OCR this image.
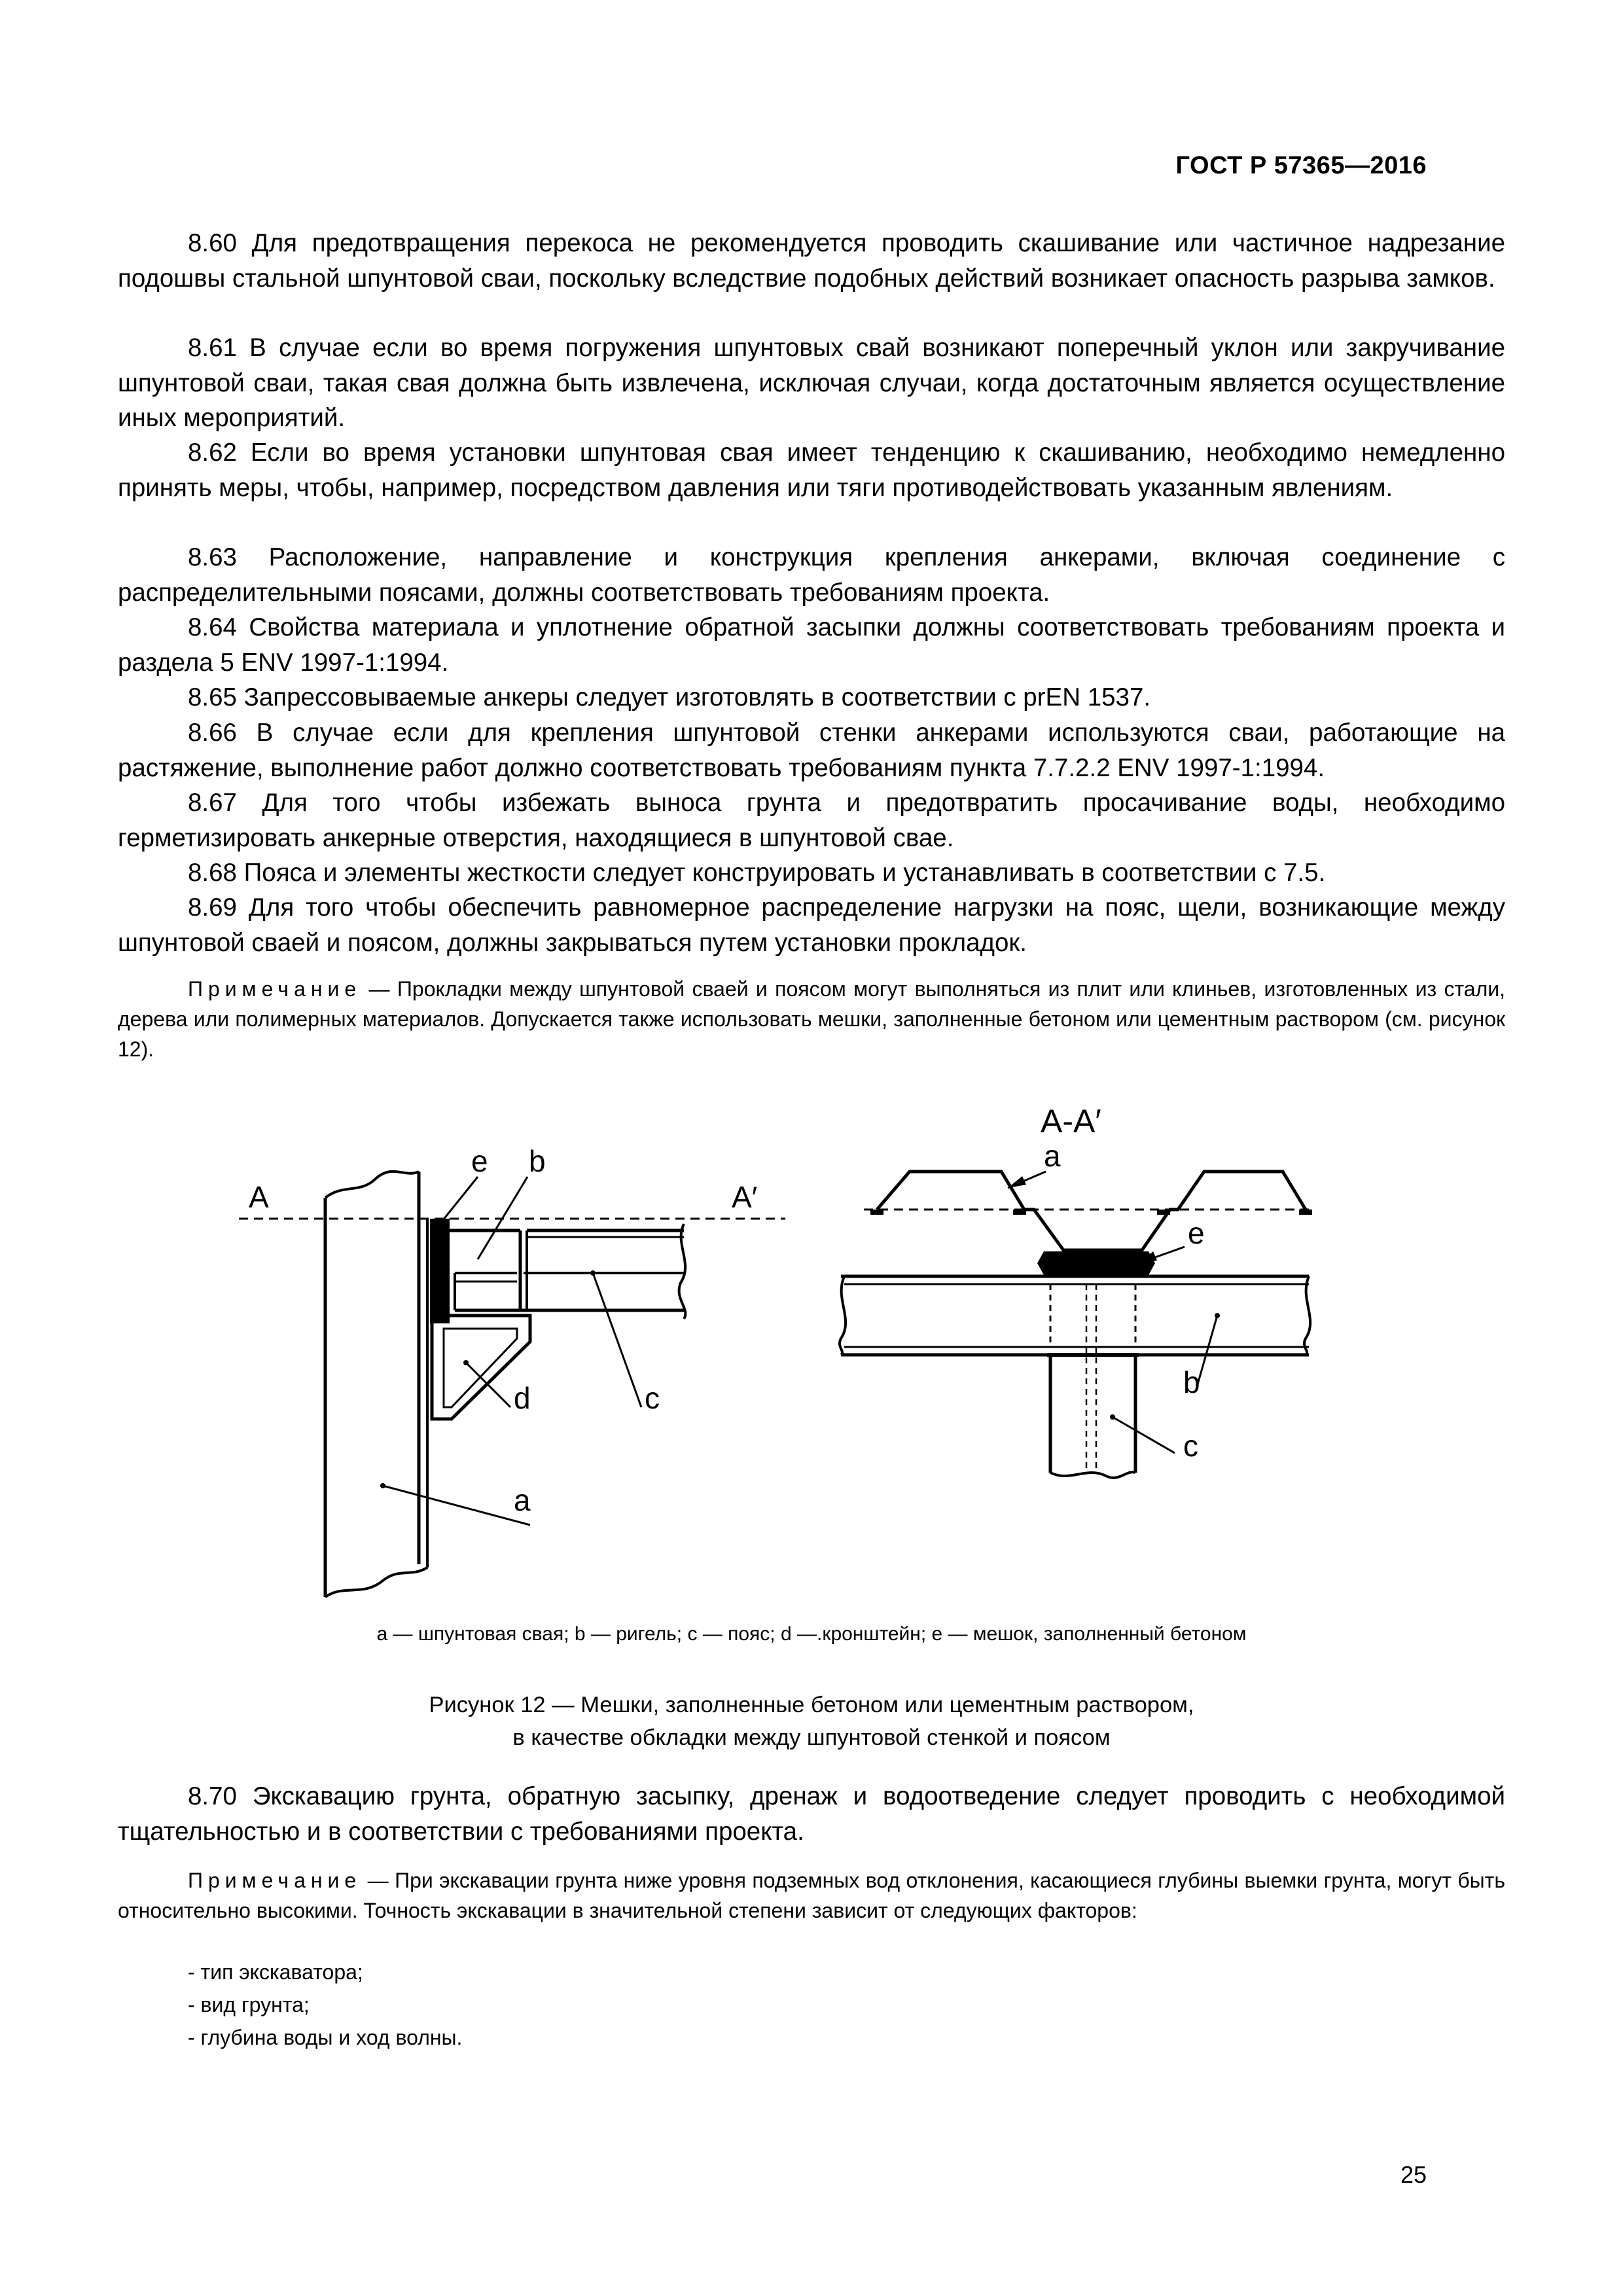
ГОСТ Р 57365—2016

8.60 Для предотвращения перекоса не рекомендуется проводить скашивание или частичное надрезание подошвы стальной шпунтовой сваи, поскольку вследствие подобных действий возникает опасность разрыва замков.

8.61 В случае если во время погружения шпунтовых свай возникают поперечный уклон или закручивание шпунтовой сваи, такая свая должна быть извлечена, исключая случаи, когда достаточным является осуществление иных мероприятий.

8.62 Если во время установки шпунтовая свая имеет тенденцию к скашиванию, необходимо немедленно принять меры, чтобы, например, посредством давления или тяги противодействовать указанным явлениям.

8.63 Расположение, направление и конструкция крепления анкерами, включая соединение с распределительными поясами, должны соответствовать требованиям проекта.

8.64 Свойства материала и уплотнение обратной засыпки должны соответствовать требованиям проекта и раздела 5 ENV 1997-1:1994.

8.65 Запрессовываемые анкеры следует изготовлять в соответствии с prEN 1537.

8.66 В случае если для крепления шпунтовой стенки анкерами используются сваи, работающие на растяжение, выполнение работ должно соответствовать требованиям пункта 7.7.2.2 ENV 1997-1:1994.

8.67 Для того чтобы избежать выноса грунта и предотвратить просачивание воды, необходимо герметизировать анкерные отверстия, находящиеся в шпунтовой свае.

8.68 Пояса и элементы жесткости следует конструировать и устанавливать в соответствии с 7.5.

8.69 Для того чтобы обеспечить равномерное распределение нагрузки на пояс, щели, возникающие между шпунтовой сваей и поясом, должны закрываться путем установки прокладок.

Примечание — Прокладки между шпунтовой сваей и поясом могут выполняться из плит или клиньев, изготовленных из стали, дерева или полимерных материалов. Допускается также использовать мешки, заполненные бетоном или цементным раствором (см. рисунок 12).

A	A′
e b
c
d
a
A-A′
a
e
b
c
a — шпунтовая свая; b — ригель; c — пояс; d —.кронштейн; e — мешок, заполненный бетоном
Рисунок 12 — Мешки, заполненные бетоном или цементным раствором,
в качестве обкладки между шпунтовой стенкой и поясом

8.70 Экскавацию грунта, обратную засыпку, дренаж и водоотведение следует проводить с необходимой тщательностью и в соответствии с требованиями проекта.

Примечание — При экскавации грунта ниже уровня подземных вод отклонения, касающиеся глубины выемки грунта, могут быть относительно высокими. Точность экскавации в значительной степени зависит от следующих факторов:

- тип экскаватора;
- вид грунта;
- глубина воды и ход волны.
25
